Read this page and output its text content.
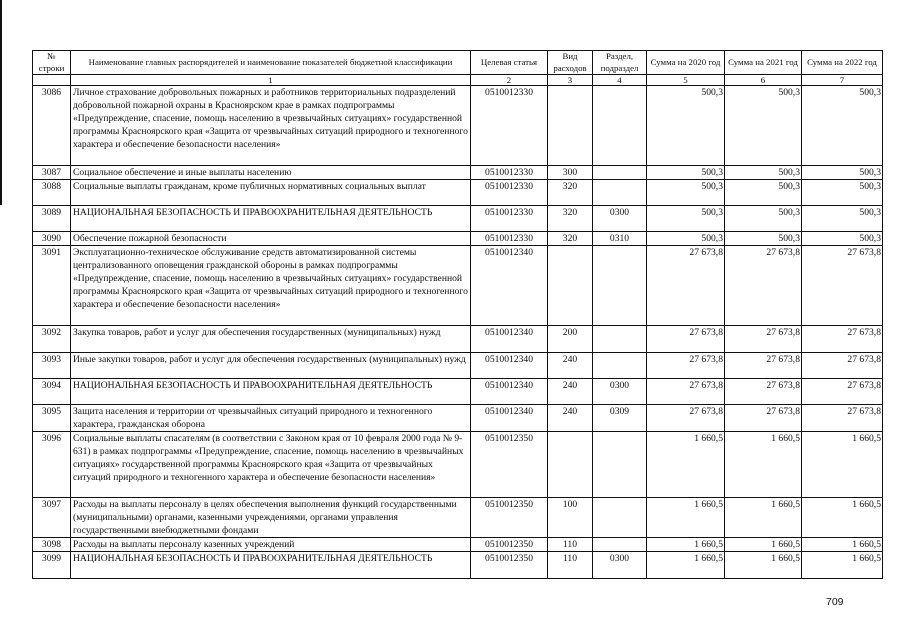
№ строки	Наименование главных распорядителей и наименование показателей бюджетной классификации	Целевая статья	Вид расходов	Раздел, подраздел	Сумма на 2020 год	Сумма на 2021 год	Сумма на 2022 год
	1	2	3	4	5	6	7
3086	Личное страхование добровольных пожарных и работников территориальных подразделений добровольной пожарной охраны в Красноярском крае в рамках подпрограммы «Предупреждение, спасение, помощь населению в чрезвычайных ситуациях» государственной программы Красноярского края «Защита от чрезвычайных ситуаций природного и техногенного характера и обеспечение безопасности населения»	0510012330			500,3	500,3	500,3
3087	Социальное обеспечение и иные выплаты населению	0510012330	300		500,3	500,3	500,3
3088	Социальные выплаты гражданам, кроме публичных нормативных социальных выплат	0510012330	320		500,3	500,3	500,3
3089	НАЦИОНАЛЬНАЯ БЕЗОПАСНОСТЬ И ПРАВООХРАНИТЕЛЬНАЯ ДЕЯТЕЛЬНОСТЬ	0510012330	320	0300	500,3	500,3	500,3
3090	Обеспечение пожарной безопасности	0510012330	320	0310	500,3	500,3	500,3
3091	Эксплуатационно-техническое обслуживание средств автоматизированной системы централизованного оповещения гражданской обороны в рамках подпрограммы «Предупреждение, спасение, помощь населению в чрезвычайных ситуациях» государственной программы Красноярского края «Защита от чрезвычайных ситуаций природного и техногенного характера и обеспечение безопасности населения»	0510012340			27 673,8	27 673,8	27 673,8
3092	Закупка товаров, работ и услуг для обеспечения государственных (муниципальных) нужд	0510012340	200		27 673,8	27 673,8	27 673,8
3093	Иные закупки товаров, работ и услуг для обеспечения государственных (муниципальных) нужд	0510012340	240		27 673,8	27 673,8	27 673,8
3094	НАЦИОНАЛЬНАЯ БЕЗОПАСНОСТЬ И ПРАВООХРАНИТЕЛЬНАЯ ДЕЯТЕЛЬНОСТЬ	0510012340	240	0300	27 673,8	27 673,8	27 673,8
3095	Защита населения и территории от чрезвычайных ситуаций природного и техногенного характера, гражданская оборона	0510012340	240	0309	27 673,8	27 673,8	27 673,8
3096	Социальные выплаты спасателям (в соответствии с Законом края от 10 февраля 2000 года № 9-631) в рамках подпрограммы «Предупреждение, спасение, помощь населению в чрезвычайных ситуациях» государственной программы Красноярского края «Защита от чрезвычайных ситуаций природного и техногенного характера и обеспечение безопасности населения»	0510012350			1 660,5	1 660,5	1 660,5
3097	Расходы на выплаты персоналу в целях обеспечения выполнения функций государственными (муниципальными) органами, казенными учреждениями, органами управления государственными внебюджетными фондами	0510012350	100		1 660,5	1 660,5	1 660,5
3098	Расходы на выплаты персоналу казенных учреждений	0510012350	110		1 660,5	1 660,5	1 660,5
3099	НАЦИОНАЛЬНАЯ БЕЗОПАСНОСТЬ И ПРАВООХРАНИТЕЛЬНАЯ ДЕЯТЕЛЬНОСТЬ	0510012350	110	0300	1 660,5	1 660,5	1 660,5
709
